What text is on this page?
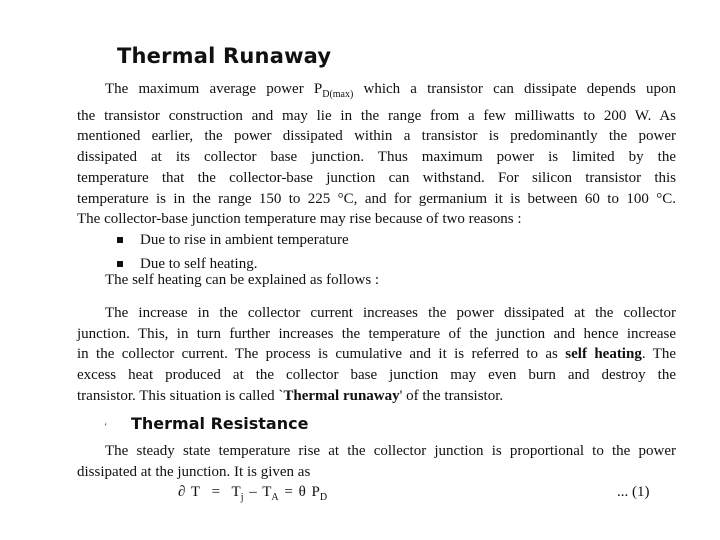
Thermal Runaway
The maximum average power $P_{D(max)}$ which a transistor can dissipate depends upon
the transistor construction and may lie in the range from a few milliwatts to 200 W. As
mentioned earlier, the power dissipated within a transistor is predominantly the power
dissipated at its collector base junction. Thus maximum power is limited by the
temperature that the collector-base junction can withstand. For silicon transistor this
temperature is in the range 150 to 225 °C, and for germanium it is between 60 to 100 °C.
The collector-base junction temperature may rise because of two reasons :
Due to rise in ambient temperature
Due to self heating.

The self heating can be explained as follows :

The increase in the collector current increases the power dissipated at the collector
junction. This, in turn further increases the temperature of the junction and hence increase
in the collector current. The process is cumulative and it is referred to as self heating. The
excess heat produced at the collector base junction may even burn and destroy the
transistor. This situation is called `Thermal runaway' of the transistor.
‘ Thermal Resistance
The steady state temperature rise at the collector junction is proportional to the power
dissipated at the junction. It is given as
∂ $T = T_j - T_A = \theta$ $P_D$	... (1)
